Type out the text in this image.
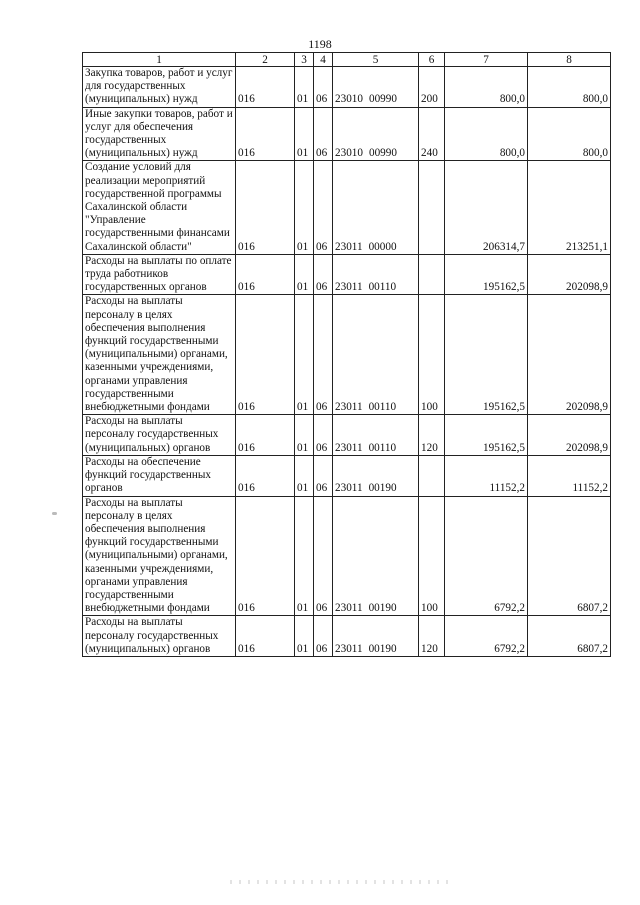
1198
1	2	3	4	5	6	7	8
Закупка товаров, работ и услуг для государственных (муниципальных) нужд	016	01	06	23010 00990	200	800,0	800,0
Иные закупки товаров, работ и услуг для обеспечения государственных (муниципальных) нужд	016	01	06	23010 00990	240	800,0	800,0
Создание условий для реализации мероприятий государственной программы Сахалинской области "Управление государственными финансами Сахалинской области"	016	01	06	23011 00000		206314,7	213251,1
Расходы на выплаты по оплате труда работников государственных органов	016	01	06	23011 00110		195162,5	202098,9
Расходы на выплаты персоналу в целях обеспечения выполнения функций государственными (муниципальными) органами, казенными учреждениями, органами управления государственными внебюджетными фондами	016	01	06	23011 00110	100	195162,5	202098,9
Расходы на выплаты персоналу государственных (муниципальных) органов	016	01	06	23011 00110	120	195162,5	202098,9
Расходы на обеспечение функций государственных органов	016	01	06	23011 00190		11152,2	11152,2
Расходы на выплаты персоналу в целях обеспечения выполнения функций государственными (муниципальными) органами, казенными учреждениями, органами управления государственными внебюджетными фондами	016	01	06	23011 00190	100	6792,2	6807,2
Расходы на выплаты персоналу государственных (муниципальных) органов	016	01	06	23011 00190	120	6792,2	6807,2
